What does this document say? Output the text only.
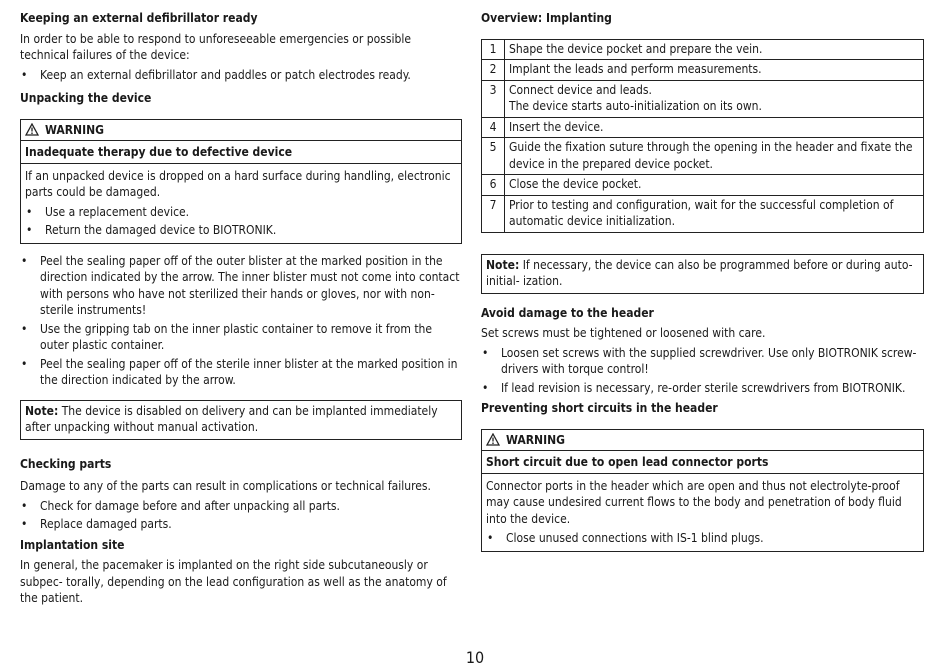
Keeping an external defibrillator ready

In order to be able to respond to unforeseeable emergencies or possible technical failures of the device:

• Keep an external defibrillator and paddles or patch electrodes ready.
Unpacking the device
WARNING
Inadequate therapy due to defective device

If an unpacked device is dropped on a hard surface during handling, electronic parts could be damaged.

• Use a replacement device.
• Return the damaged device to BIOTRONIK.
• Peel the sealing paper off of the outer blister at the marked position in the direction indicated by the arrow. The inner blister must not come into contact with persons who have not sterilized their hands or gloves, nor with non-sterile instruments!
• Use the gripping tab on the inner plastic container to remove it from the outer plastic container.
• Peel the sealing paper off of the sterile inner blister at the marked position in the direction indicated by the arrow.
Note: The device is disabled on delivery and can be implanted immediately after unpacking without manual activation.
Checking parts

Damage to any of the parts can result in complications or technical failures.

• Check for damage before and after unpacking all parts.
• Replace damaged parts.
Implantation site

In general, the pacemaker is implanted on the right side subcutaneously or subpec- torally, depending on the lead configuration as well as the anatomy of the patient.

Overview: Implanting
1	Shape the device pocket and prepare the vein.
2	Implant the leads and perform measurements.
3	Connect device and leads.
The device starts auto-initialization on its own.

4	Insert the device.
5	Guide the fixation suture through the opening in the header and fixate the device in the prepared device pocket.
6	Close the device pocket.
7	Prior to testing and configuration, wait for the successful completion of automatic device initialization.
Note: If necessary, the device can also be programmed before or during auto-initial- ization.
Avoid damage to the header

Set screws must be tightened or loosened with care.

• Loosen set screws with the supplied screwdriver. Use only BIOTRONIK screw- drivers with torque control!
• If lead revision is necessary, re-order sterile screwdrivers from BIOTRONIK.
Preventing short circuits in the header
WARNING
Short circuit due to open lead connector ports

Connector ports in the header which are open and thus not electrolyte-proof may cause undesired current flows to the body and penetration of body fluid into the device.

• Close unused connections with IS-1 blind plugs.
10
